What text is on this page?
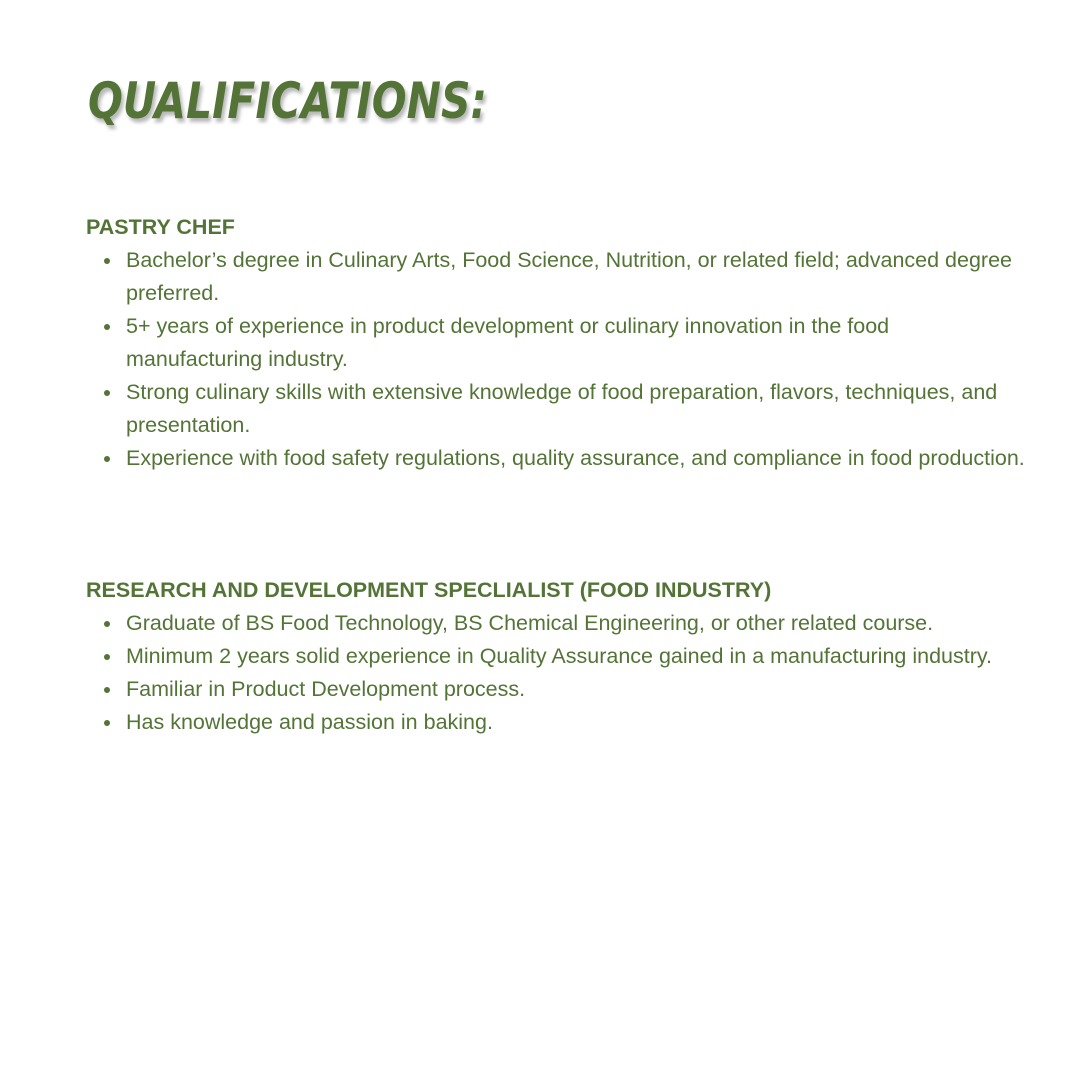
QUALIFICATIONS:
PASTRY CHEF
Bachelor’s degree in Culinary Arts, Food Science, Nutrition, or related field; advanced degree preferred.
5+ years of experience in product development or culinary innovation in the food manufacturing industry.
Strong culinary skills with extensive knowledge of food preparation, flavors, techniques, and presentation.
Experience with food safety regulations, quality assurance, and compliance in food production.
RESEARCH AND DEVELOPMENT SPECLIALIST (FOOD INDUSTRY)
Graduate of BS Food Technology, BS Chemical Engineering, or other related course.
Minimum 2 years solid experience in Quality Assurance gained in a manufacturing industry.
Familiar in Product Development process.
Has knowledge and passion in baking.
